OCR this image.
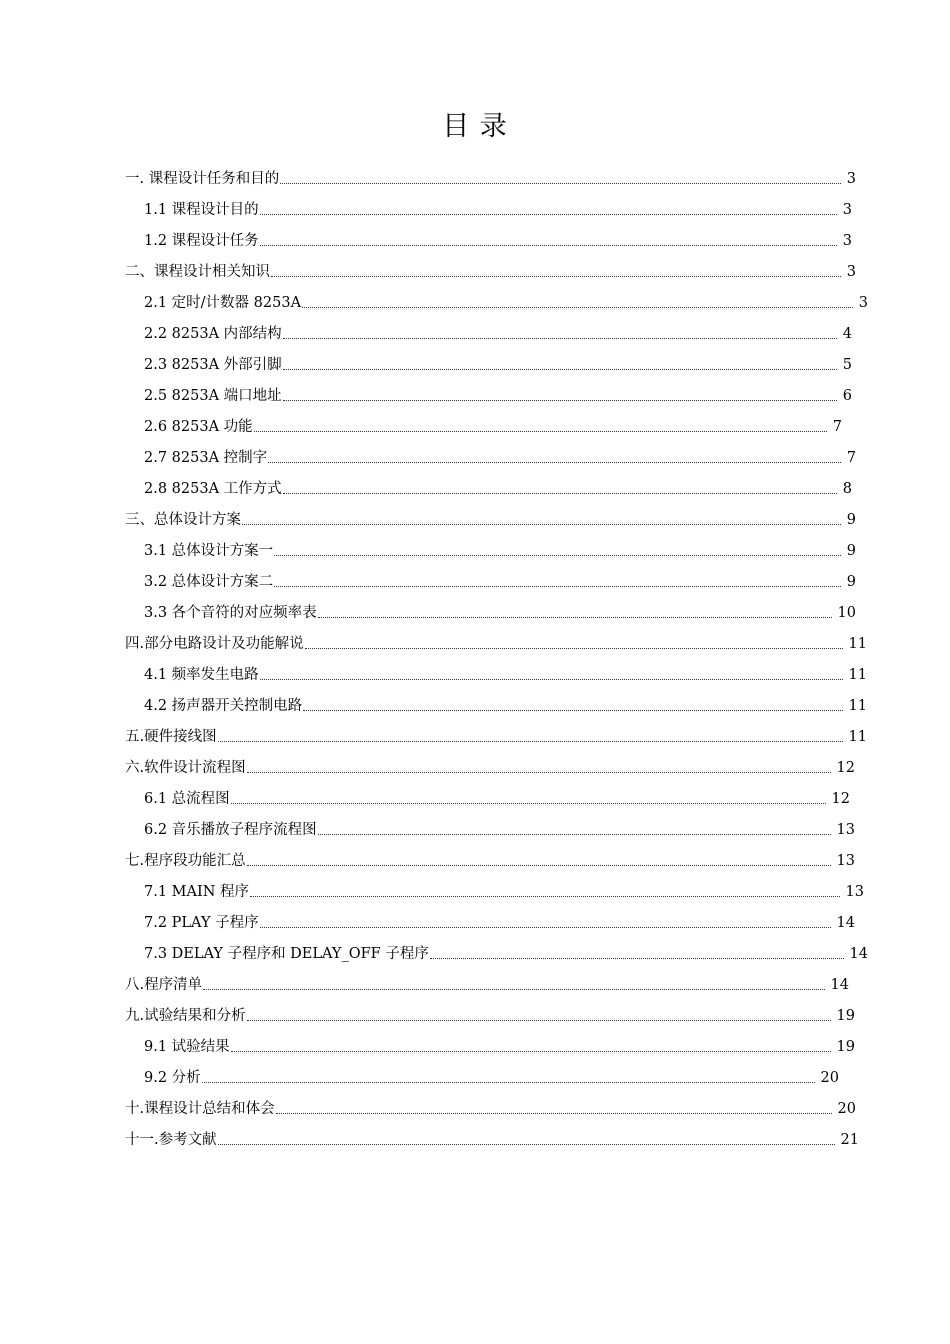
目 录
一. 课程设计任务和目的	3
1.1 课程设计目的	3
1.2 课程设计任务	3
二、课程设计相关知识	3
2.1 定时/计数器 8253A	3
2.2 8253A 内部结构	4
2.3 8253A 外部引脚	5
2.5 8253A 端口地址	6
2.6 8253A 功能	7
2.7 8253A 控制字	7
2.8 8253A 工作方式	8
三、总体设计方案	9
3.1 总体设计方案一	9
3.2 总体设计方案二	9
3.3 各个音符的对应频率表	10
四.部分电路设计及功能解说	11
4.1 频率发生电路	11
4.2 扬声器开关控制电路	11
五.硬件接线图	11
六.软件设计流程图	12
6.1 总流程图	12
6.2 音乐播放子程序流程图	13
七.程序段功能汇总	13
7.1 MAIN 程序	13
7.2 PLAY 子程序	14
7.3 DELAY 子程序和 DELAY_OFF 子程序	14
八.程序清单	14
九.试验结果和分析	19
9.1 试验结果	19
9.2 分析	20
十.课程设计总结和体会	20
十一.参考文献	21
